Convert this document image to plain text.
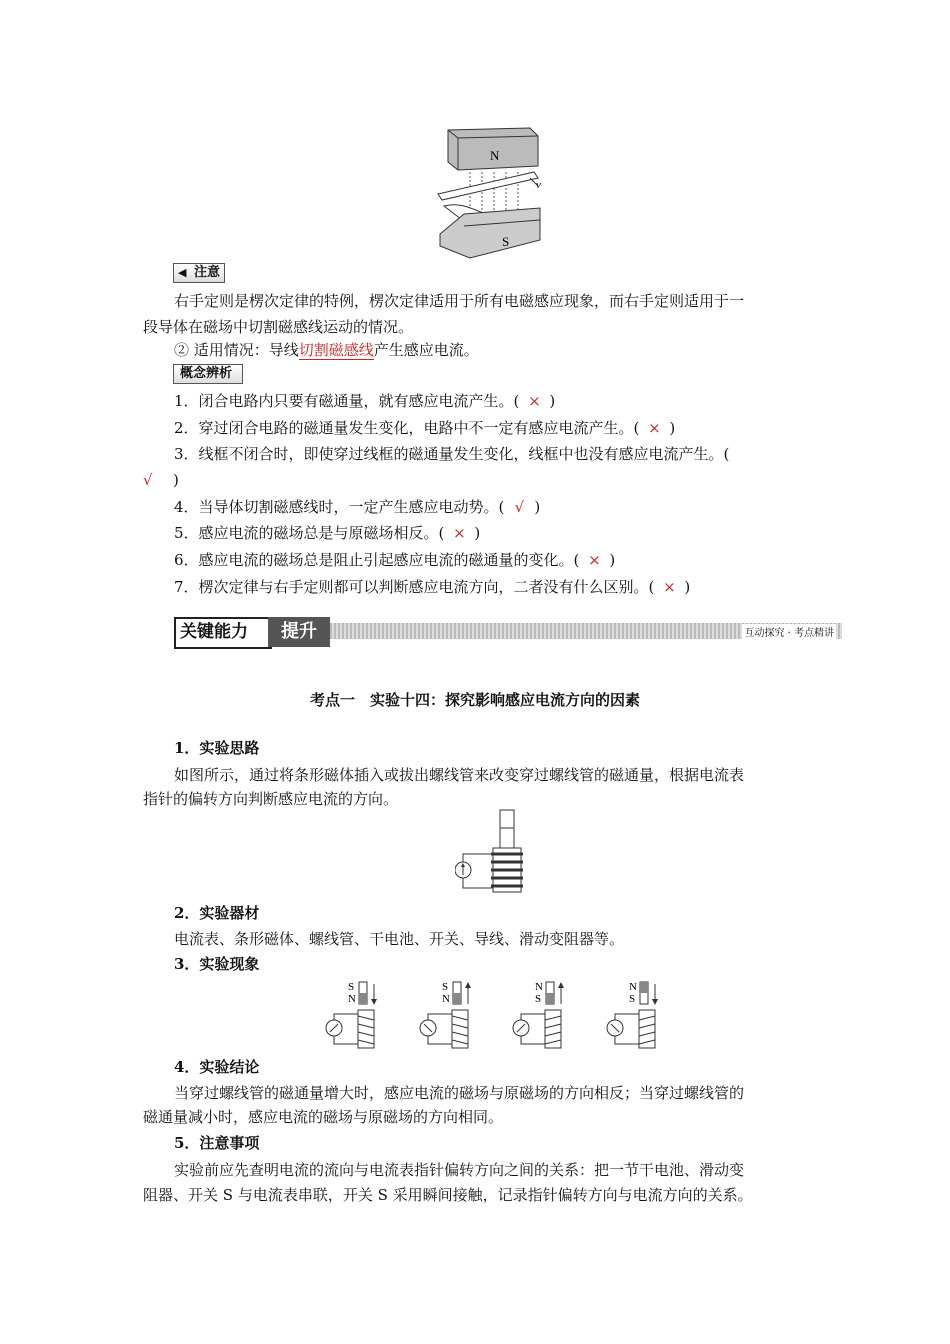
N
v
S
◀ 注意
右手定则是楞次定律的特例，楞次定律适用于所有电磁感应现象，而右手定则适用于一
段导体在磁场中切割磁感线运动的情况。
② 适用情况：导线切割磁感线产生感应电流。
概念辨析
1．闭合电路内只要有磁通量，就有感应电流产生。( × )
2．穿过闭合电路的磁通量发生变化，电路中不一定有感应电流产生。( × )
3．线框不闭合时，即使穿过线框的磁通量发生变化，线框中也没有感应电流产生。(
√ )
4．当导体切割磁感线时，一定产生感应电动势。( √ )
5．感应电流的磁场总是与原磁场相反。( × )
6．感应电流的磁场总是阻止引起感应电流的磁通量的变化。( × )
7．楞次定律与右手定则都可以判断感应电流方向，二者没有什么区别。( × )
关键能力	提升	互动探究 · 考点精讲
考点一　实验十四：探究影响感应电流方向的因素
1．实验思路
如图所示，通过将条形磁体插入或拔出螺线管来改变穿过螺线管的磁通量，根据电流表
指针的偏转方向判断感应电流的方向。
2．实验器材
电流表、条形磁体、螺线管、干电池、开关、导线、滑动变阻器等。
3．实验现象
S
N
S
N
N
S
N
S
4．实验结论
当穿过螺线管的磁通量增大时，感应电流的磁场与原磁场的方向相反；当穿过螺线管的
磁通量减小时，感应电流的磁场与原磁场的方向相同。
5．注意事项
实验前应先查明电流的流向与电流表指针偏转方向之间的关系：把一节干电池、滑动变
阻器、开关 S 与电流表串联，开关 S 采用瞬间接触，记录指针偏转方向与电流方向的关系。
